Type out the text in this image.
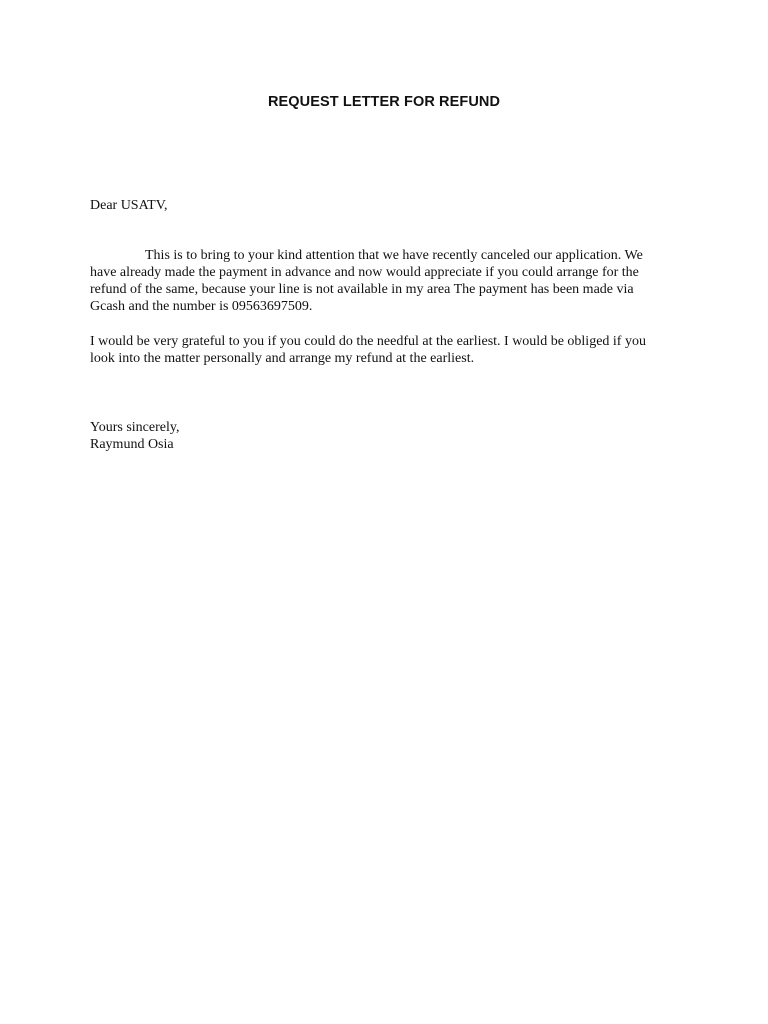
REQUEST LETTER FOR REFUND

Dear USATV,

This is to bring to your kind attention that we have recently canceled our application. We have already made the payment in advance and now would appreciate if you could arrange for the refund of the same, because your line is not available in my area The payment has been made via Gcash and the number is 09563697509.

I would be very grateful to you if you could do the needful at the earliest. I would be obliged if you look into the matter personally and arrange my refund at the earliest.

Yours sincerely,

Raymund Osia
